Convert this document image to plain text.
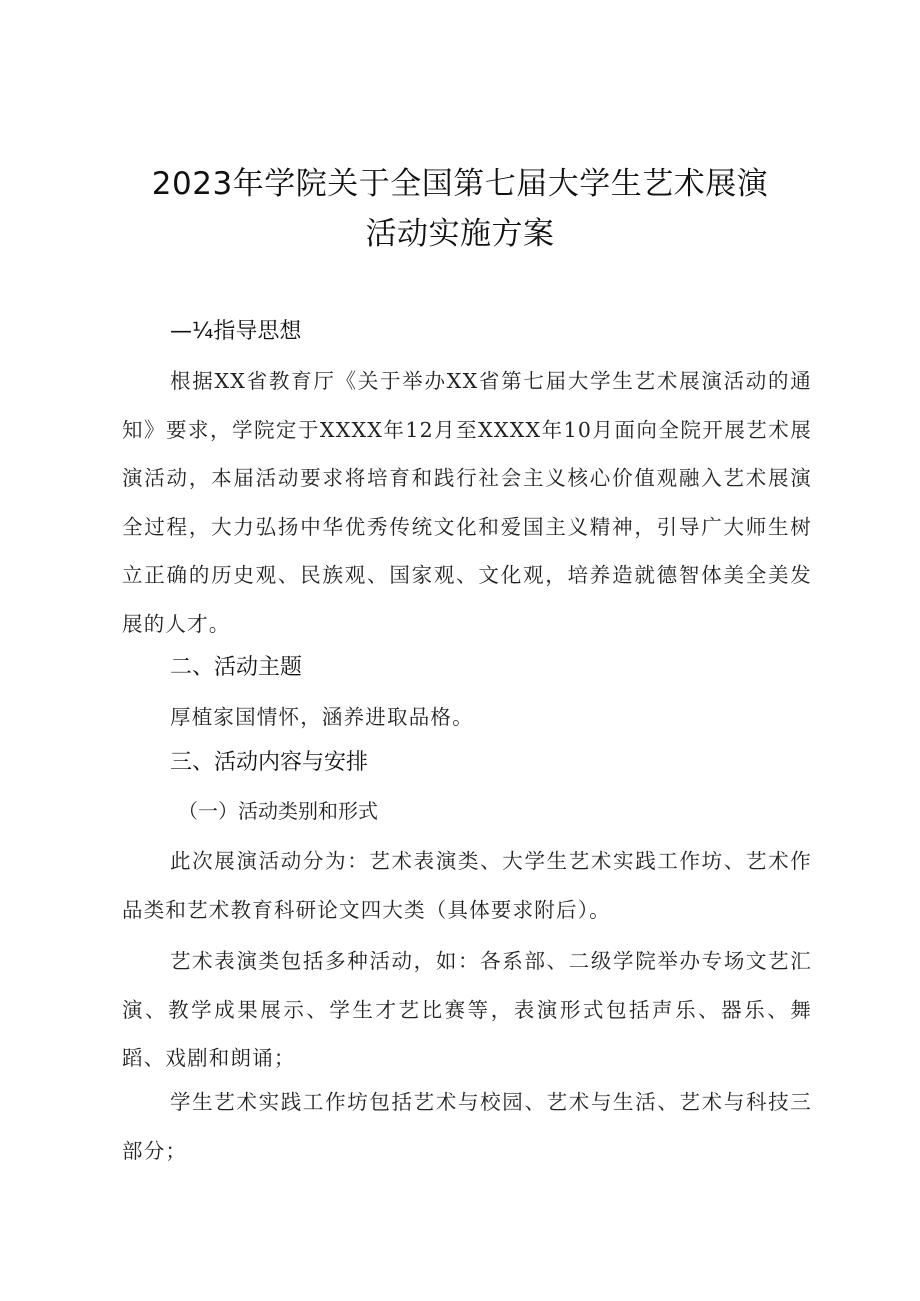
2023年学院关于全国第七届大学生艺术展演
活动实施方案
—¼指导思想
根据XX省教育厅《关于举办XX省第七届大学生艺术展演活动的通知》要求，学院定于XXXX年12月至XXXX年10月面向全院开展艺术展演活动，本届活动要求将培育和践行社会主义核心价值观融入艺术展演全过程，大力弘扬中华优秀传统文化和爱国主义精神，引导广大师生树立正确的历史观、民族观、国家观、文化观，培养造就德智体美全美发展的人才。
二、活动主题
厚植家国情怀，涵养进取品格。
三、活动内容与安排
（一）活动类别和形式
此次展演活动分为：艺术表演类、大学生艺术实践工作坊、艺术作品类和艺术教育科研论文四大类（具体要求附后）。
艺术表演类包括多种活动，如：各系部、二级学院举办专场文艺汇演、教学成果展示、学生才艺比赛等，表演形式包括声乐、器乐、舞蹈、戏剧和朗诵；
学生艺术实践工作坊包括艺术与校园、艺术与生活、艺术与科技三部分；
